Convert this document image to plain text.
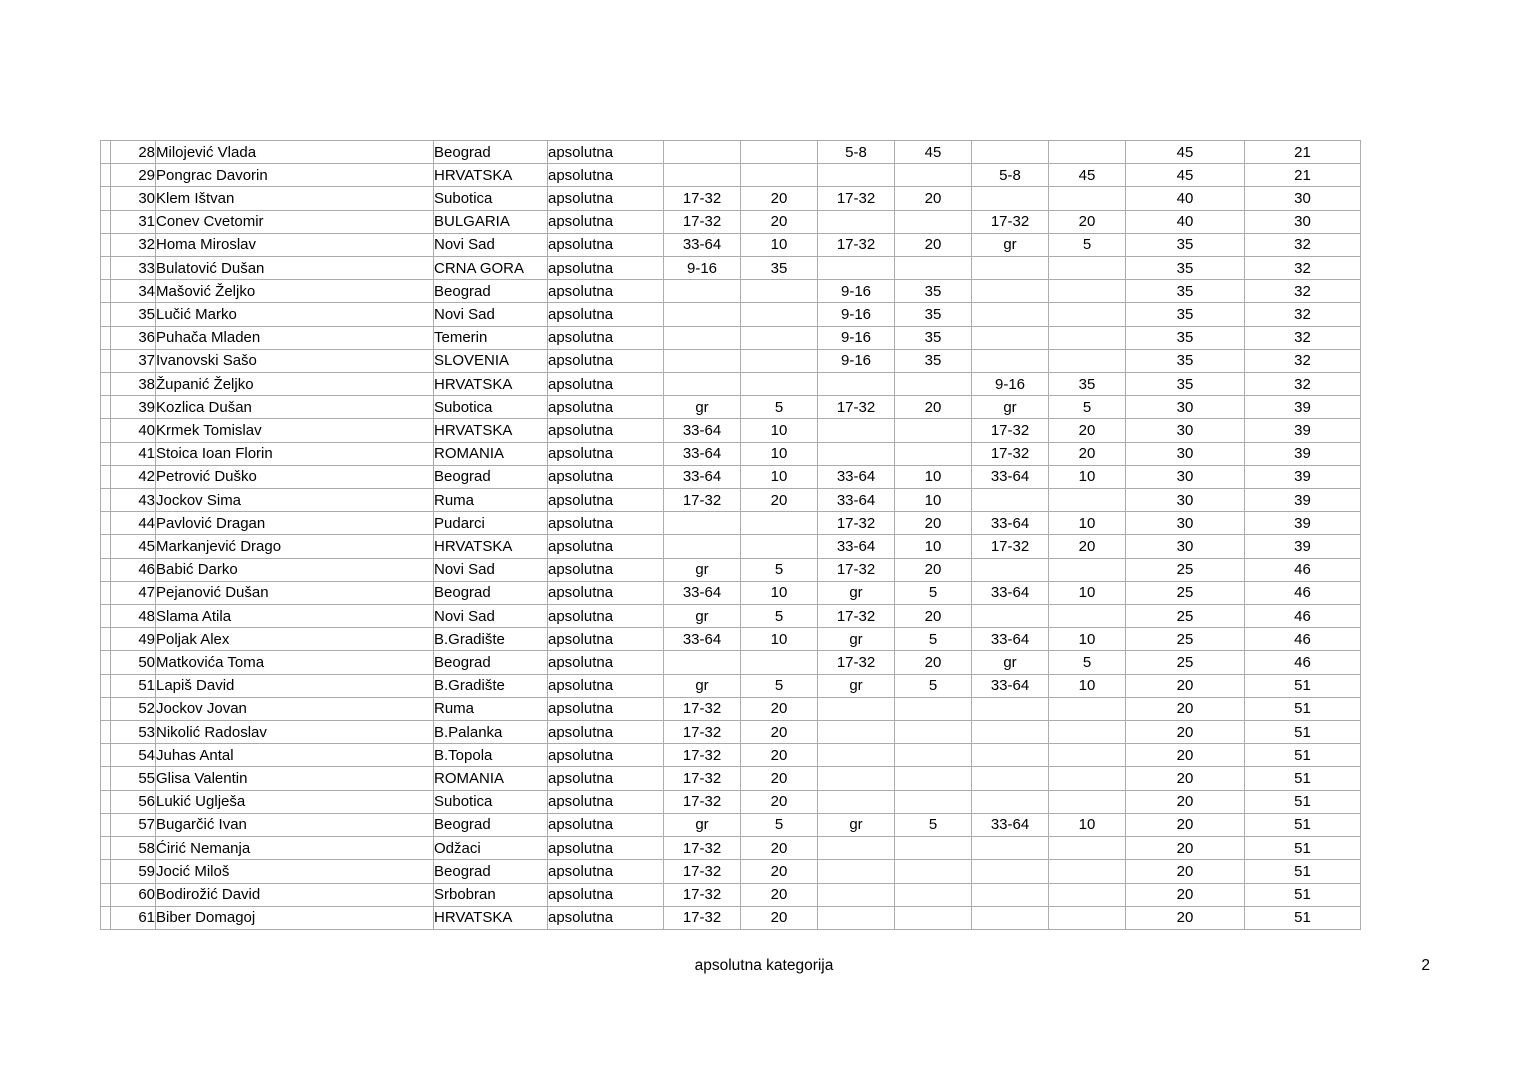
	28	Milojević Vlada	Beograd	apsolutna			5-8	45			45	21
	29	Pongrac Davorin	HRVATSKA	apsolutna					5-8	45	45	21
	30	Klem Ištvan	Subotica	apsolutna	17-32	20	17-32	20			40	30
	31	Conev Cvetomir	BULGARIA	apsolutna	17-32	20			17-32	20	40	30
	32	Homa Miroslav	Novi Sad	apsolutna	33-64	10	17-32	20	gr	5	35	32
	33	Bulatović Dušan	CRNA GORA	apsolutna	9-16	35					35	32
	34	Mašović Željko	Beograd	apsolutna			9-16	35			35	32
	35	Lučić Marko	Novi Sad	apsolutna			9-16	35			35	32
	36	Puhača Mladen	Temerin	apsolutna			9-16	35			35	32
	37	Ivanovski Sašo	SLOVENIA	apsolutna			9-16	35			35	32
	38	Županić Željko	HRVATSKA	apsolutna					9-16	35	35	32
	39	Kozlica Dušan	Subotica	apsolutna	gr	5	17-32	20	gr	5	30	39
	40	Krmek Tomislav	HRVATSKA	apsolutna	33-64	10			17-32	20	30	39
	41	Stoica Ioan Florin	ROMANIA	apsolutna	33-64	10			17-32	20	30	39
	42	Petrović Duško	Beograd	apsolutna	33-64	10	33-64	10	33-64	10	30	39
	43	Jockov Sima	Ruma	apsolutna	17-32	20	33-64	10			30	39
	44	Pavlović Dragan	Pudarci	apsolutna			17-32	20	33-64	10	30	39
	45	Markanjević Drago	HRVATSKA	apsolutna			33-64	10	17-32	20	30	39
	46	Babić Darko	Novi Sad	apsolutna	gr	5	17-32	20			25	46
	47	Pejanović Dušan	Beograd	apsolutna	33-64	10	gr	5	33-64	10	25	46
	48	Slama Atila	Novi Sad	apsolutna	gr	5	17-32	20			25	46
	49	Poljak Alex	B.Gradište	apsolutna	33-64	10	gr	5	33-64	10	25	46
	50	Matkovića Toma	Beograd	apsolutna			17-32	20	gr	5	25	46
	51	Lapiš David	B.Gradište	apsolutna	gr	5	gr	5	33-64	10	20	51
	52	Jockov Jovan	Ruma	apsolutna	17-32	20					20	51
	53	Nikolić Radoslav	B.Palanka	apsolutna	17-32	20					20	51
	54	Juhas Antal	B.Topola	apsolutna	17-32	20					20	51
	55	Glisa Valentin	ROMANIA	apsolutna	17-32	20					20	51
	56	Lukić Uglješa	Subotica	apsolutna	17-32	20					20	51
	57	Bugarčić Ivan	Beograd	apsolutna	gr	5	gr	5	33-64	10	20	51
	58	Ćirić Nemanja	Odžaci	apsolutna	17-32	20					20	51
	59	Jocić Miloš	Beograd	apsolutna	17-32	20					20	51
	60	Bodirožić David	Srbobran	apsolutna	17-32	20					20	51
	61	Biber Domagoj	HRVATSKA	apsolutna	17-32	20					20	51
apsolutna kategorija	2
